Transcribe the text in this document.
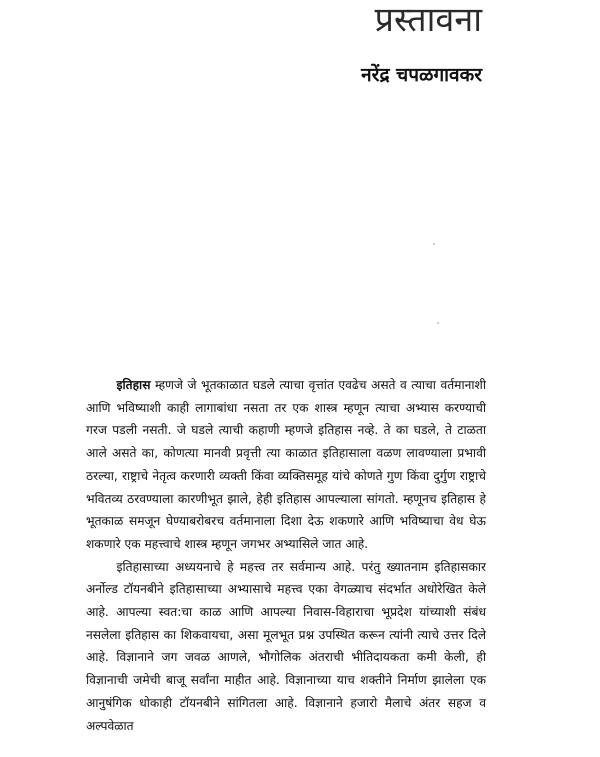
प्रस्तावना
नरेंद्र चपळगावकर

इतिहास म्हणजे जे भूतकाळात घडले त्याचा वृत्तांत एवढेच असते व त्याचा वर्तमानाशी आणि भविष्याशी काही लागाबांधा नसता तर एक शास्त्र म्हणून त्याचा अभ्यास करण्याची गरज पडली नसती. जे घडले त्याची कहाणी म्हणजे इतिहास नव्हे. ते का घडले, ते टाळता आले असते का, कोणत्या मानवी प्रवृत्ती त्या काळात इतिहासाला वळण लावण्याला प्रभावी ठरल्या, राष्ट्राचे नेतृत्व करणारी व्यक्ती किंवा व्यक्तिसमूह यांचे कोणते गुण किंवा दुर्गुण राष्ट्राचे भवितव्य ठरवण्याला कारणीभूत झाले, हेही इतिहास आपल्याला सांगतो. म्हणूनच इतिहास हे भूतकाळ समजून घेण्याबरोबरच वर्तमानाला दिशा देऊ शकणारे आणि भविष्याचा वेध घेऊ शकणारे एक महत्त्वाचे शास्त्र म्हणून जगभर अभ्यासिले जात आहे.

इतिहासाच्या अध्ययनाचे हे महत्त्व तर सर्वमान्य आहे. परंतु ख्यातनाम इतिहासकार अर्नोल्ड टॉयनबीने इतिहासाच्या अभ्यासाचे महत्त्व एका वेगळ्याच संदर्भात अधोरेखित केले आहे. आपल्या स्वत:चा काळ आणि आपल्या निवास-विहाराचा भूप्रदेश यांच्याशी संबंध नसलेला इतिहास का शिकवायचा, असा मूलभूत प्रश्न उपस्थित करून त्यांनी त्याचे उत्तर दिले आहे. विज्ञानाने जग जवळ आणले, भौगोलिक अंतराची भीतिदायकता कमी केली, ही विज्ञानाची जमेची बाजू सर्वांना माहीत आहे. विज्ञानाच्या याच शक्तीने निर्माण झालेला एक आनुषंगिक धोकाही टॉयनबीने सांगितला आहे. विज्ञानाने हजारो मैलाचे अंतर सहज व अल्पवेळात
